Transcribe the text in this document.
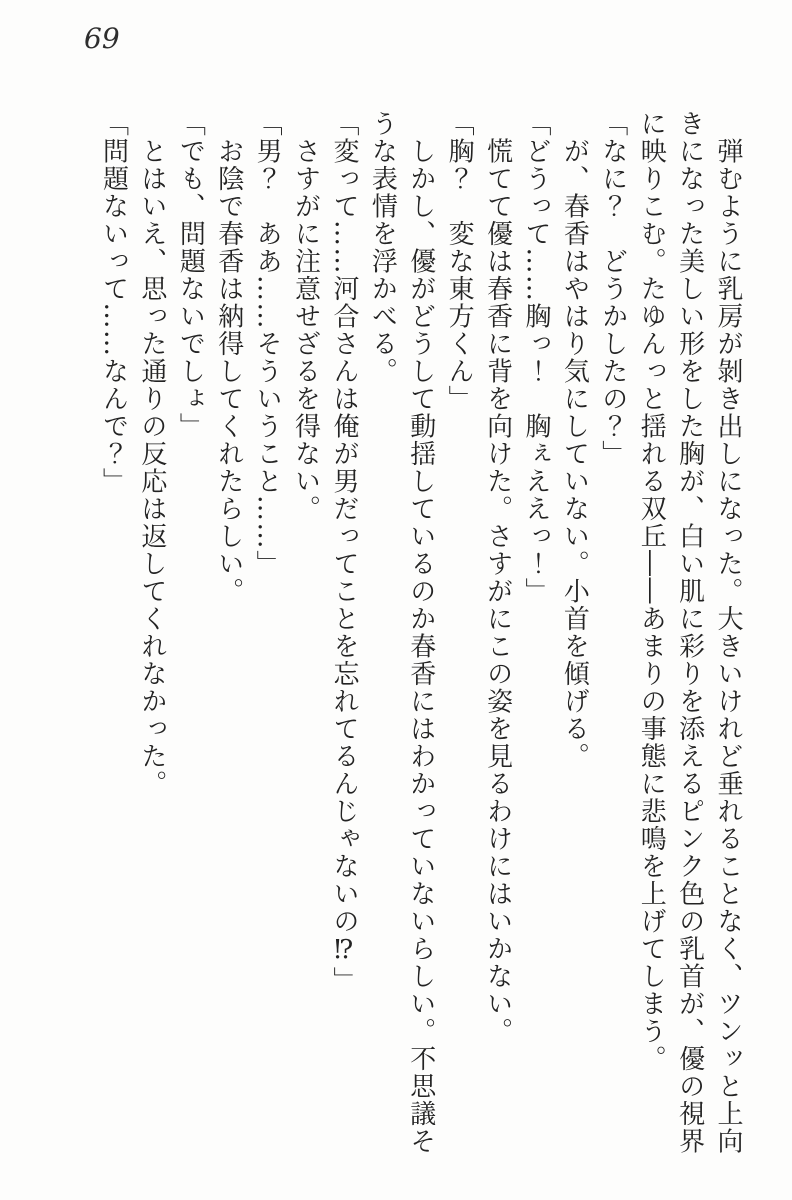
69

　弾むように乳房が剝き出しになった。大きいけれど垂れることなく、ツンッと上向きになった美しい形をした胸が、白い肌に彩りを添えるピンク色の乳首が、優の視界に映りこむ。たゆんっと揺れる双丘――あまりの事態に悲鳴を上げてしまう。

「なに？　どうかしたの？」

　が、春香はやはり気にしていない。小首を傾げる。

「どうって……胸っ！　胸ぇええっ！」

　慌てて優は春香に背を向けた。さすがにこの姿を見るわけにはいかない。

「胸？　変な東方くん」

　しかし、優がどうして動揺しているのか春香にはわかっていないらしい。不思議そうな表情を浮かべる。

「変って……河合さんは俺が男だってことを忘れてるんじゃないの⁉」

　さすがに注意せざるを得ない。

「男？　ああ……そういうこと……」

　お陰で春香は納得してくれたらしい。

「でも、問題ないでしょ」

　とはいえ、思った通りの反応は返してくれなかった。

「問題ないって……なんで？」
